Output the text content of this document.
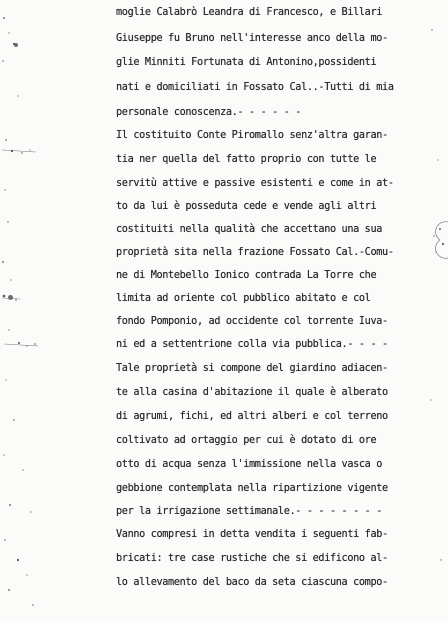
moglie Calabrò Leandra di Francesco, e Billari
Giuseppe fu Bruno nell'interesse anco della mo-
glie Minniti Fortunata di Antonino,possidenti
nati e domiciliati in Fossato Cal..-Tutti di mia
personale conoscenza.- - - - - -
Il costituito Conte Piromallo senz'altra garan-
tia ner quella del fatto proprio con tutte le
servitù attive e passive esistenti e come in at-
to da lui è posseduta cede e vende agli altri
costituiti nella qualità che accettano una sua
proprietà sita nella frazione Fossato Cal.-Comu-
ne di Montebello Ionico contrada La Torre che
limita ad oriente col pubblico abitato e col
fondo Pomponio, ad occidente col torrente Iuva-
ni ed a settentrione colla via pubblica.- - - -
Tale proprietà si compone del giardino adiacen-
te alla casina d'abitazione il quale è alberato
di agrumi, fichi, ed altri alberi e col terreno
coltivato ad ortaggio per cui è dotato di ore
otto di acqua senza l'immissione nella vasca o
gebbione contemplata nella ripartizione vigente
per la irrigazione settimanale.- - - - - - - -
Vanno compresi in detta vendita i seguenti fab-
bricati: tre case rustiche che si edificono al-
lo allevamento del baco da seta ciascuna compo-
